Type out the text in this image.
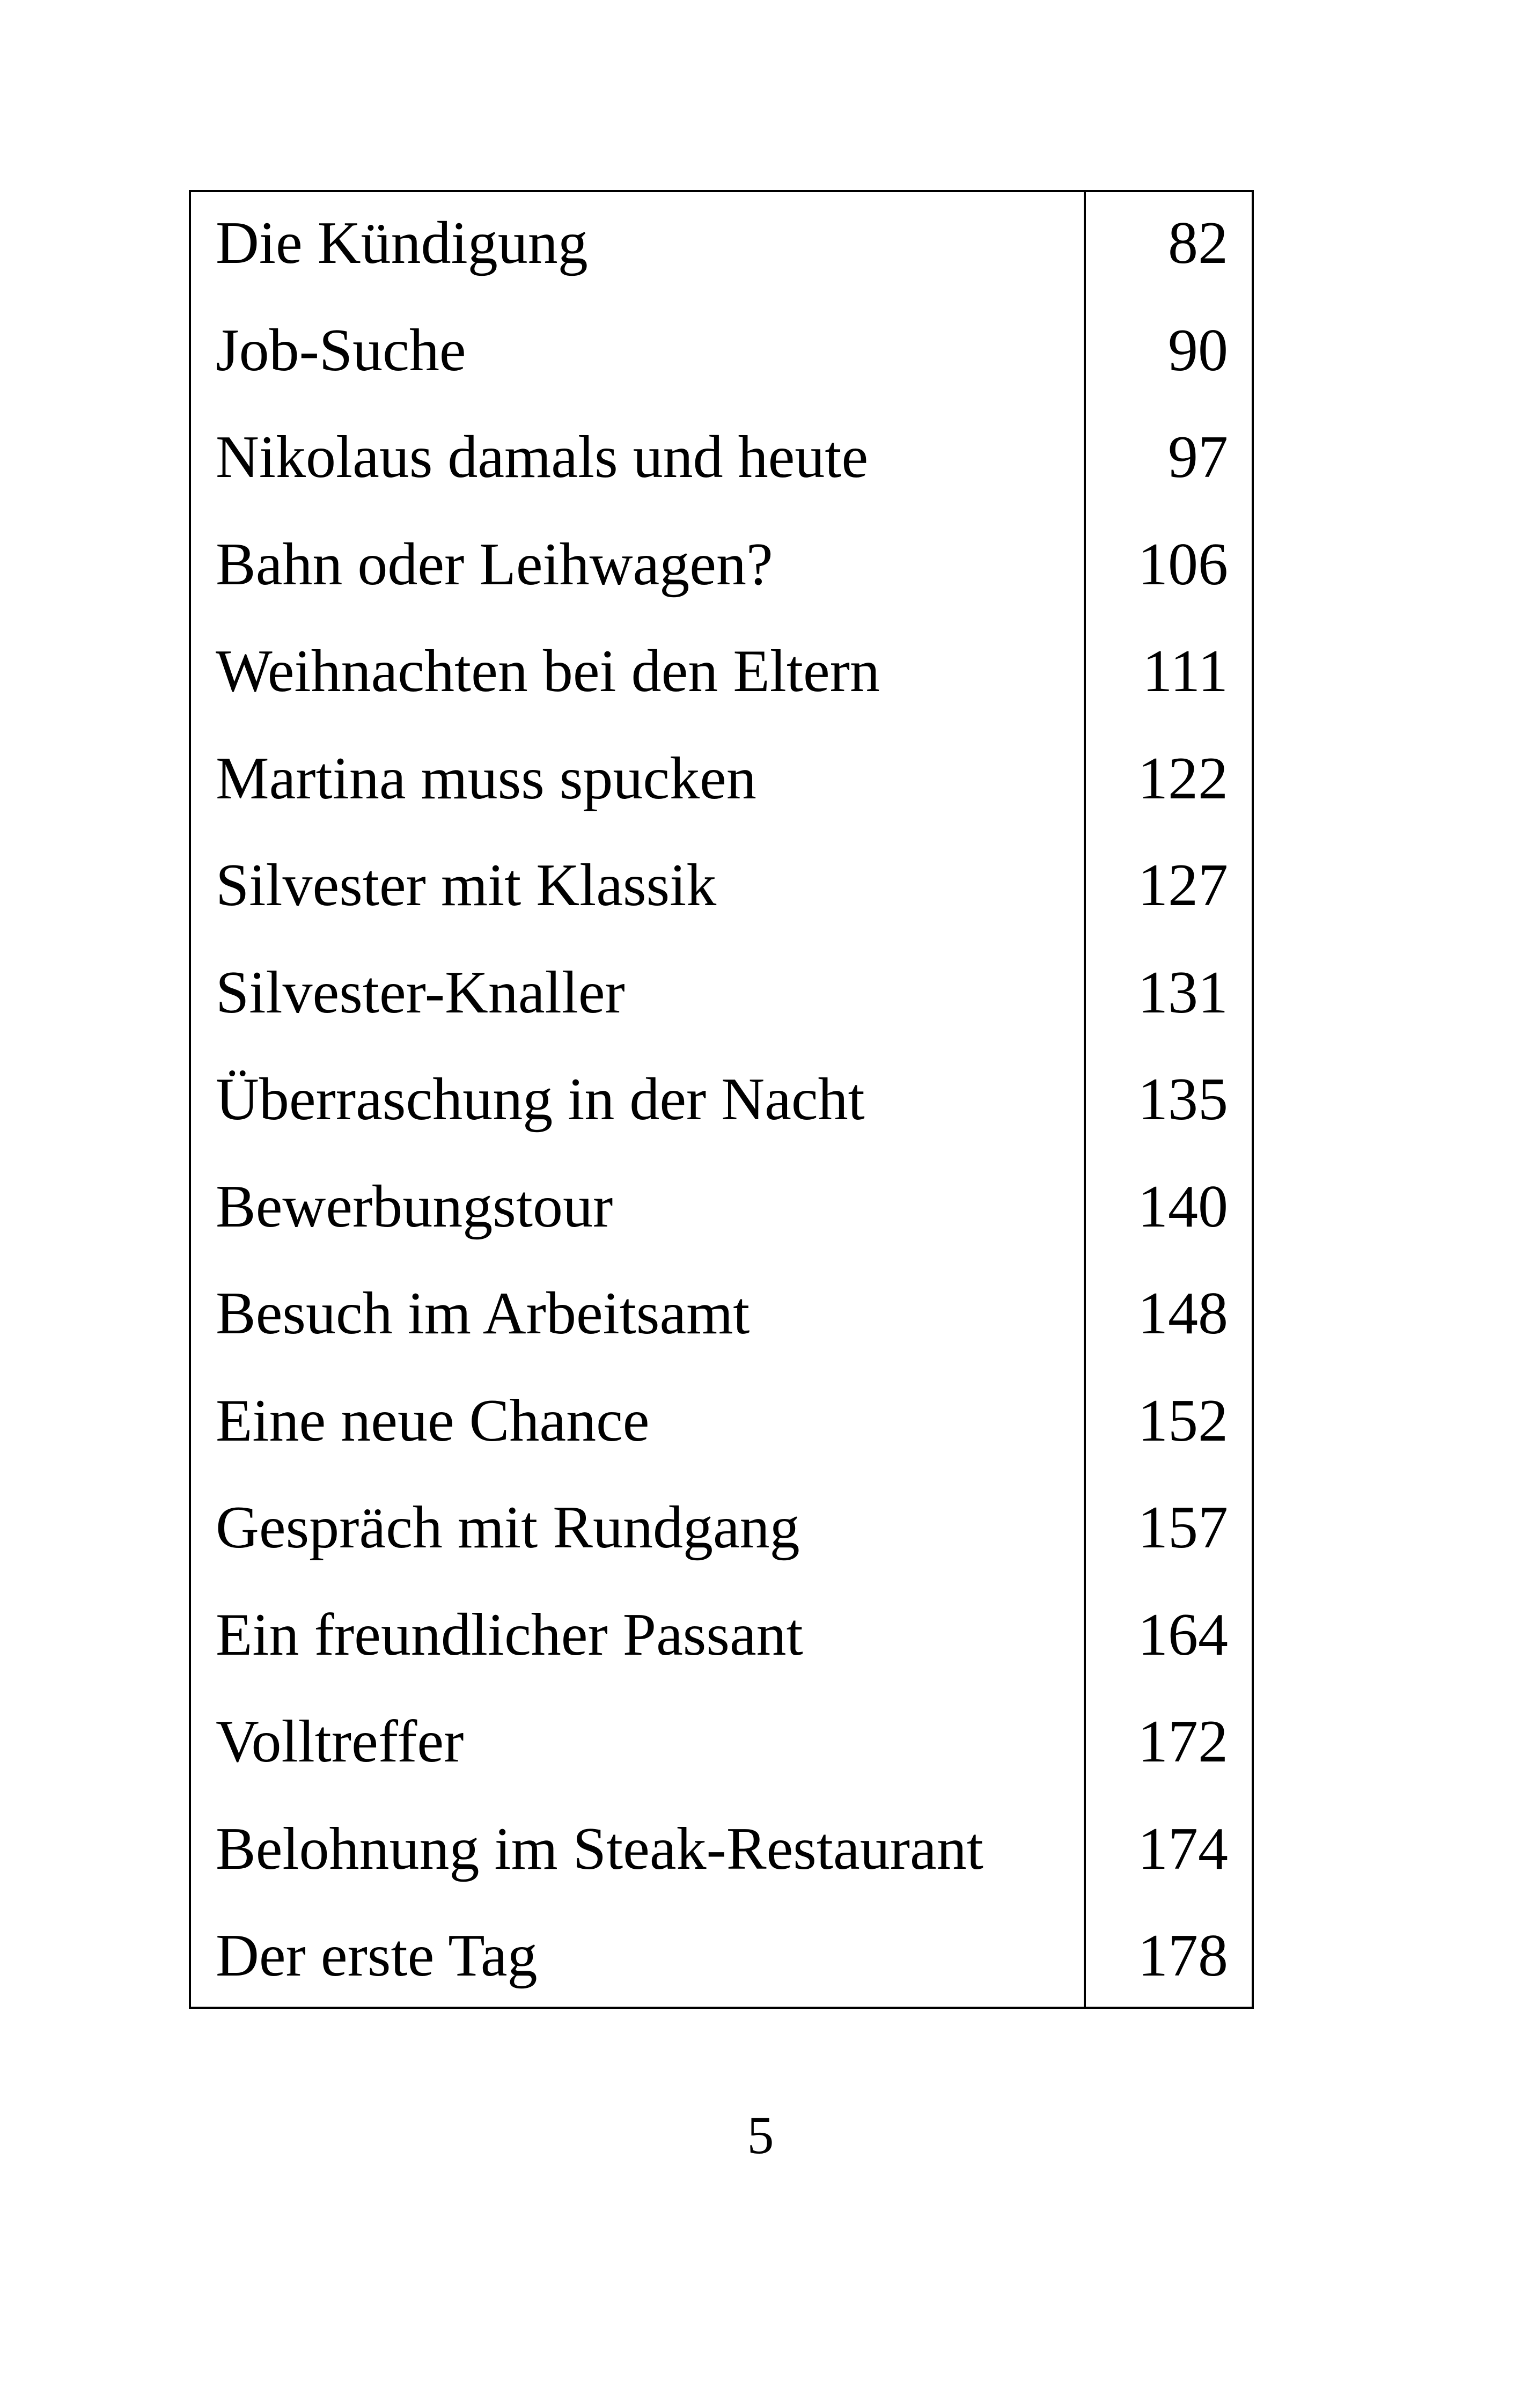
Die Kündigung	82
Job-Suche	90
Nikolaus damals und heute	97
Bahn oder Leihwagen?	106
Weihnachten bei den Eltern	111
Martina muss spucken	122
Silvester mit Klassik	127
Silvester-Knaller	131
Überraschung in der Nacht	135
Bewerbungstour	140
Besuch im Arbeitsamt	148
Eine neue Chance	152
Gespräch mit Rundgang	157
Ein freundlicher Passant	164
Volltreffer	172
Belohnung im Steak-Restaurant	174
Der erste Tag	178
5
